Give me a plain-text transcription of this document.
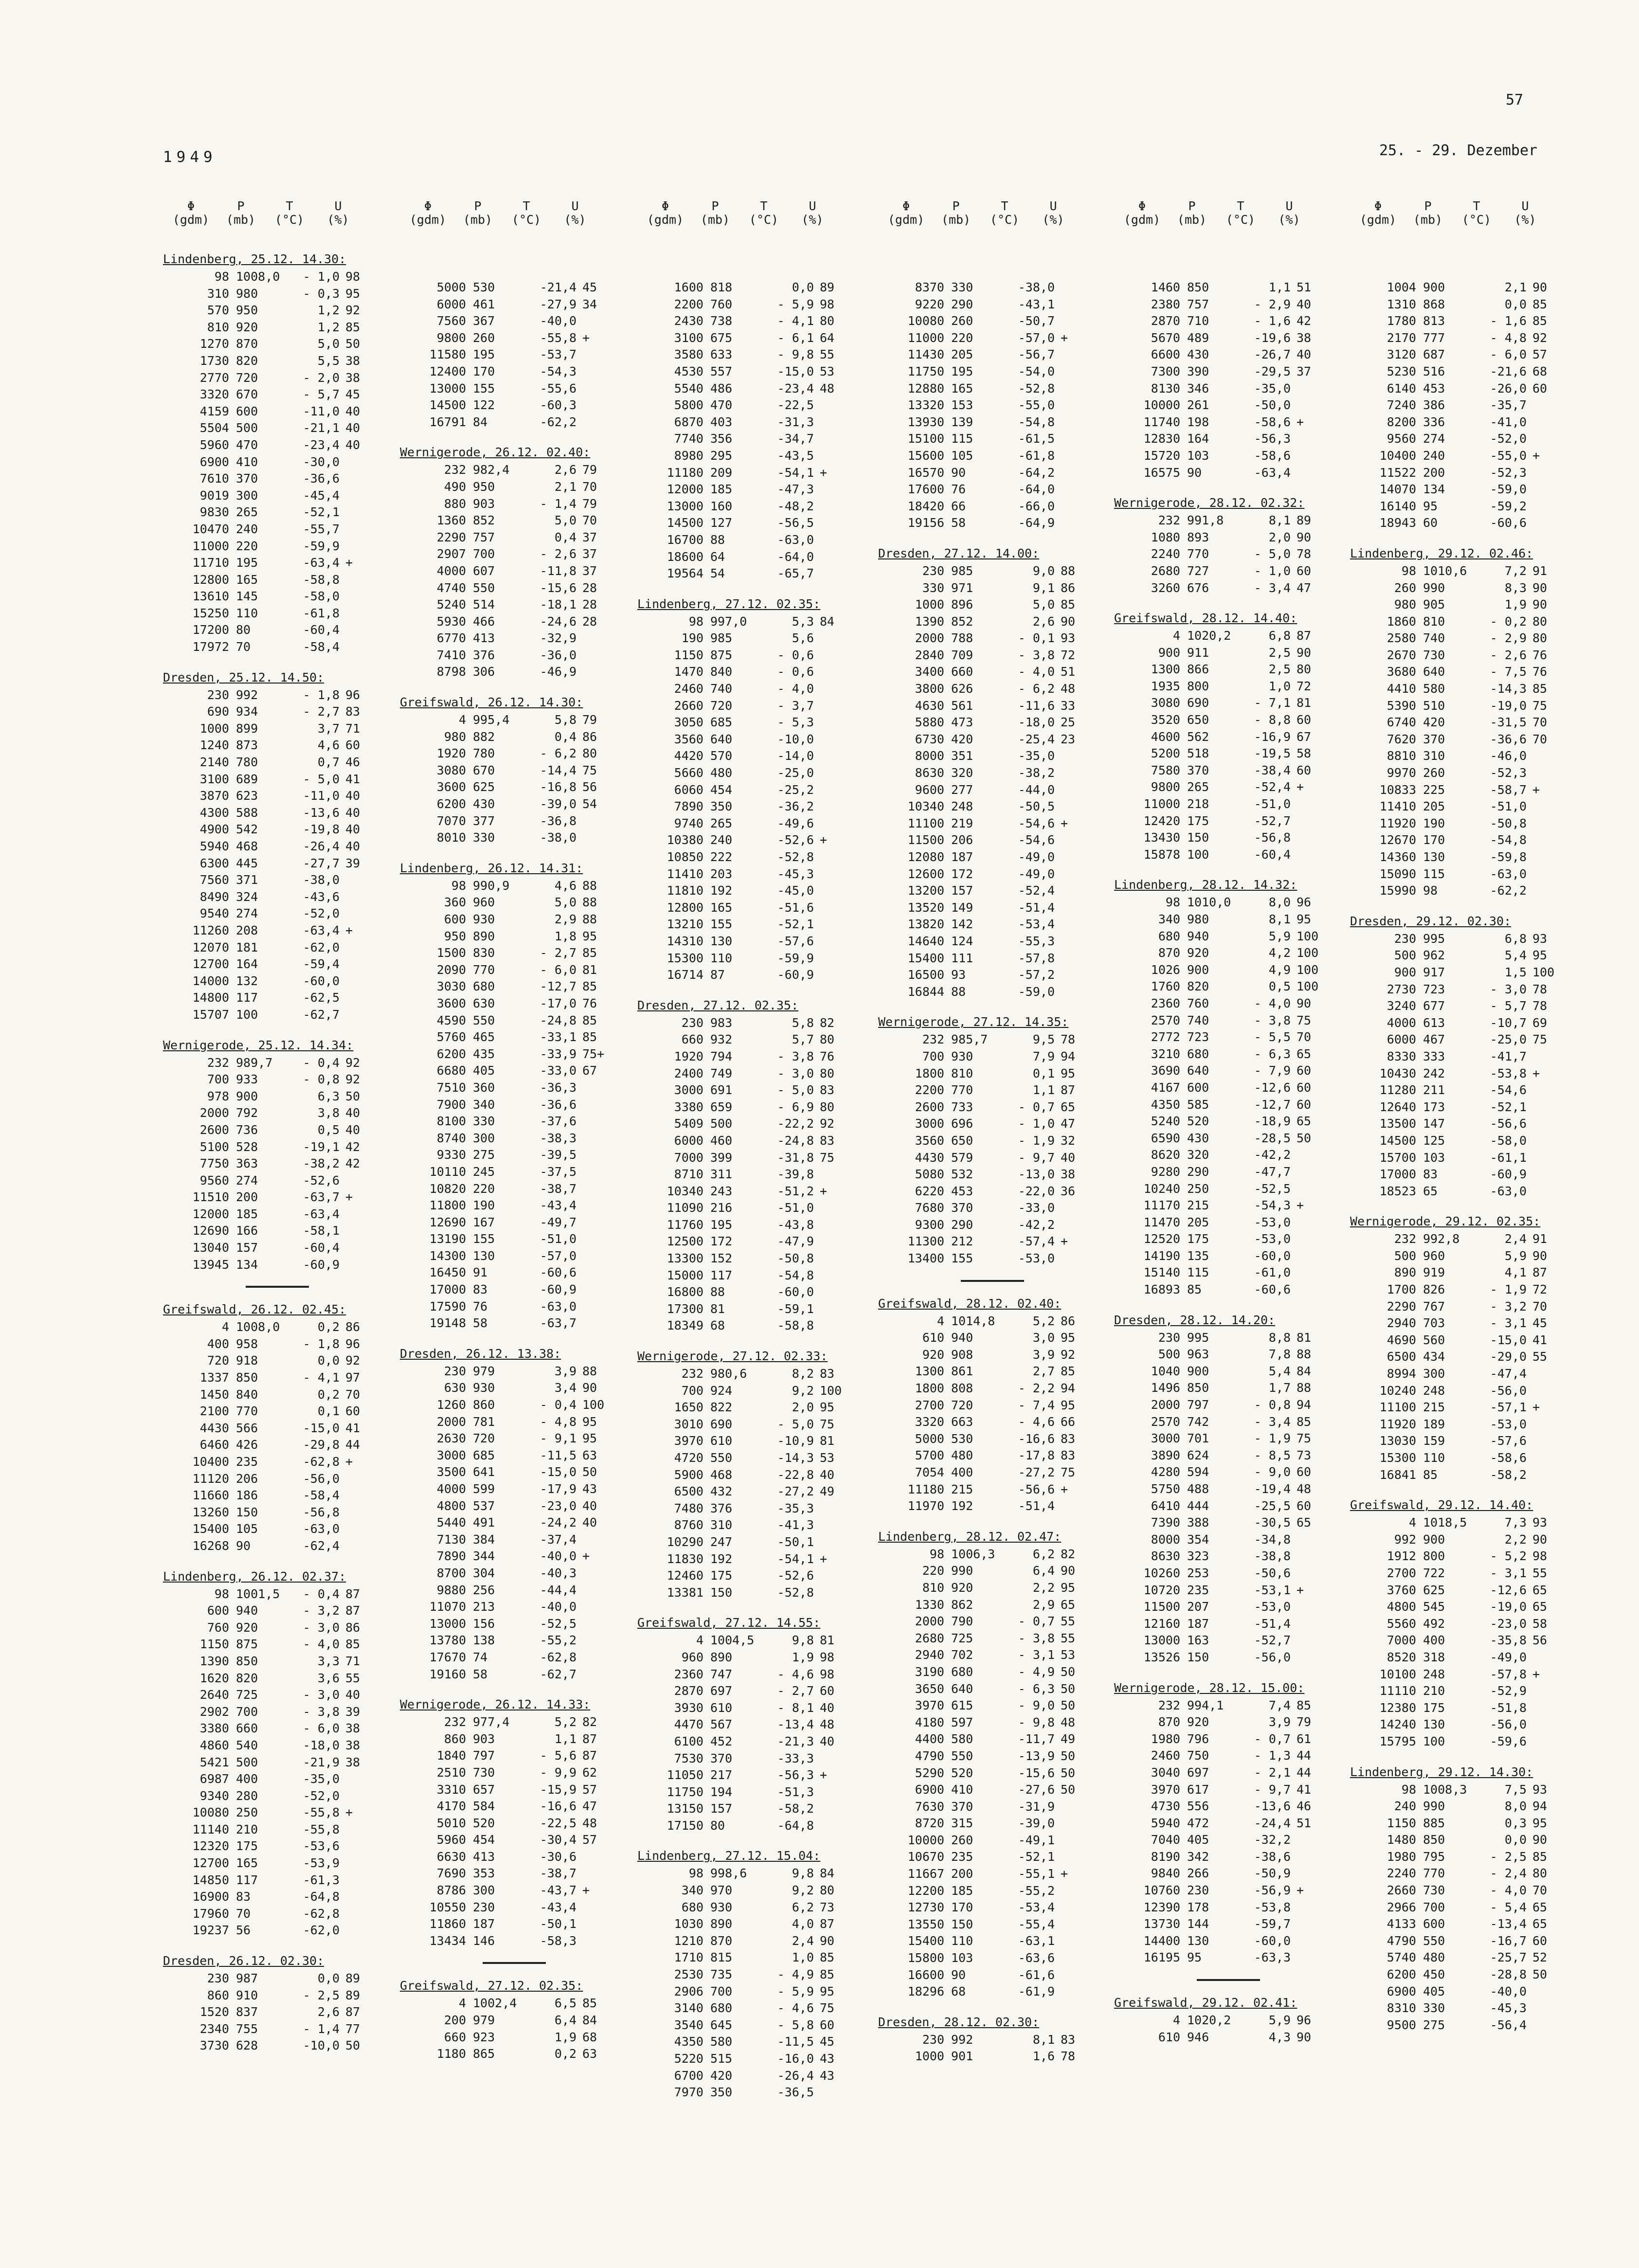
57
1949	25. - 29. Dezember
Φ
(gdm)
P
(mb)
T
(°C)
U
(%)
Lindenberg, 25.12. 14.30:
98 1008,0	- 1,0 98
310 980	- 0,3 95
570 950	1,2 92
810 920	1,2 85
1270 870	5,0 50
1730 820	5,5 38
2770 720	- 2,0 38
3320 670	- 5,7 45
4159 600	-11,0 40
5504 500	-21,1 40
5960 470	-23,4 40
6900 410	-30,0
7610 370	-36,6
9019 300	-45,4
9830 265	-52,1
10470 240	-55,7
11000 220	-59,9
11710 195	-63,4 +
12800 165	-58,8
13610 145	-58,0
15250 110	-61,8
17200 80	-60,4
17972 70	-58,4
Dresden, 25.12. 14.50:
230 992	- 1,8 96
690 934	- 2,7 83
1000 899	3,7 71
1240 873	4,6 60
2140 780	0,7 46
3100 689	- 5,0 41
3870 623	-11,0 40
4300 588	-13,6 40
4900 542	-19,8 40
5940 468	-26,4 40
6300 445	-27,7 39
7560 371	-38,0
8490 324	-43,6
9540 274	-52,0
11260 208	-63,4 +
12070 181	-62,0
12700 164	-59,4
14000 132	-60,0
14800 117	-62,5
15707 100	-62,7
Wernigerode, 25.12. 14.34:
232 989,7	- 0,4 92
700 933	- 0,8 92
978 900	6,3 50
2000 792	3,8 40
2600 736	0,5 40
5100 528	-19,1 42
7750 363	-38,2 42
9560 274	-52,6
11510 200	-63,7 +
12000 185	-63,4
12690 166	-58,1
13040 157	-60,4
13945 134	-60,9
Greifswald, 26.12. 02.45:
4 1008,0	0,2 86
400 958	- 1,8 96
720 918	0,0 92
1337 850	- 4,1 97
1450 840	0,2 70
2100 770	0,1 60
4430 566	-15,0 41
6460 426	-29,8 44
10400 235	-62,8 +
11120 206	-56,0
11660 186	-58,4
13260 150	-56,8
15400 105	-63,0
16268 90	-62,4
Lindenberg, 26.12. 02.37:
98 1001,5	- 0,4 87
600 940	- 3,2 87
760 920	- 3,0 86
1150 875	- 4,0 85
1390 850	3,3 71
1620 820	3,6 55
2640 725	- 3,0 40
2902 700	- 3,8 39
3380 660	- 6,0 38
4860 540	-18,0 38
5421 500	-21,9 38
6987 400	-35,0
9340 280	-52,0
10080 250	-55,8 +
11140 210	-55,8
12320 175	-53,6
12700 165	-53,9
14850 117	-61,3
16900 83	-64,8
17960 70	-62,8
19237 56	-62,0
Dresden, 26.12. 02.30:
230 987	0,0 89
860 910	- 2,5 89
1520 837	2,6 87
2340 755	- 1,4 77
3730 628	-10,0 50
Φ
(gdm)
P
(mb)
T
(°C)
U
(%)
5000 530	-21,4 45
6000 461	-27,9 34
7560 367	-40,0
9800 260	-55,8 +
11580 195	-53,7
12400 170	-54,3
13000 155	-55,6
14500 122	-60,3
16791 84	-62,2
Wernigerode, 26.12. 02.40:
232 982,4	2,6 79
490 950	2,1 70
880 903	- 1,4 79
1360 852	5,0 70
2290 757	0,4 37
2907 700	- 2,6 37
4000 607	-11,8 37
4740 550	-15,6 28
5240 514	-18,1 28
5930 466	-24,6 28
6770 413	-32,9
7410 376	-36,0
8798 306	-46,9
Greifswald, 26.12. 14.30:
4 995,4	5,8 79
980 882	0,4 86
1920 780	- 6,2 80
3080 670	-14,4 75
3600 625	-16,8 56
6200 430	-39,0 54
7070 377	-36,8
8010 330	-38,0
Lindenberg, 26.12. 14.31:
98 990,9	4,6 88
360 960	5,0 88
600 930	2,9 88
950 890	1,8 95
1500 830	- 2,7 85
2090 770	- 6,0 81
3030 680	-12,7 85
3600 630	-17,0 76
4590 550	-24,8 85
5760 465	-33,1 85
6200 435	-33,9 75+
6680 405	-33,0 67
7510 360	-36,3
7900 340	-36,6
8100 330	-37,6
8740 300	-38,3
9330 275	-39,5
10110 245	-37,5
10820 220	-38,7
11800 190	-43,4
12690 167	-49,7
13190 155	-51,0
14300 130	-57,0
16450 91	-60,6
17000 83	-60,9
17590 76	-63,0
19148 58	-63,7
Dresden, 26.12. 13.38:
230 979	3,9 88
630 930	3,4 90
1260 860	- 0,4 100
2000 781	- 4,8 95
2630 720	- 9,1 95
3000 685	-11,5 63
3500 641	-15,0 50
4000 599	-17,9 43
4800 537	-23,0 40
5440 491	-24,2 40
7130 384	-37,4
7890 344	-40,0 +
8700 304	-40,3
9880 256	-44,4
11070 213	-40,0
13000 156	-52,5
13780 138	-55,2
17670 74	-62,8
19160 58	-62,7
Wernigerode, 26.12. 14.33:
232 977,4	5,2 82
860 903	1,1 87
1840 797	- 5,6 87
2510 730	- 9,9 62
3310 657	-15,9 57
4170 584	-16,6 47
5010 520	-22,5 48
5960 454	-30,4 57
6630 413	-30,6
7690 353	-38,7
8786 300	-43,7 +
10550 230	-43,4
11860 187	-50,1
13434 146	-58,3
Greifswald, 27.12. 02.35:
4 1002,4	6,5 85
200 979	6,4 84
660 923	1,9 68
1180 865	0,2 63
Φ
(gdm)
P
(mb)
T
(°C)
U
(%)
1600 818	0,0 89
2200 760	- 5,9 98
2430 738	- 4,1 80
3100 675	- 6,1 64
3580 633	- 9,8 55
4530 557	-15,0 53
5540 486	-23,4 48
5800 470	-22,5
6870 403	-31,3
7740 356	-34,7
8980 295	-43,5
11180 209	-54,1 +
12000 185	-47,3
13000 160	-48,2
14500 127	-56,5
16700 88	-63,0
18600 64	-64,0
19564 54	-65,7
Lindenberg, 27.12. 02.35:
98 997,0	5,3 84
190 985	5,6
1150 875	- 0,6
1470 840	- 0,6
2460 740	- 4,0
2660 720	- 3,7
3050 685	- 5,3
3560 640	-10,0
4420 570	-14,0
5660 480	-25,0
6060 454	-25,2
7890 350	-36,2
9740 265	-49,6
10380 240	-52,6 +
10850 222	-52,8
11410 203	-45,3
11810 192	-45,0
12800 165	-51,6
13210 155	-52,1
14310 130	-57,6
15300 110	-59,9
16714 87	-60,9
Dresden, 27.12. 02.35:
230 983	5,8 82
660 932	5,7 80
1920 794	- 3,8 76
2400 749	- 3,0 80
3000 691	- 5,0 83
3380 659	- 6,9 80
5409 500	-22,2 92
6000 460	-24,8 83
7000 399	-31,8 75
8710 311	-39,8
10340 243	-51,2 +
11090 216	-51,0
11760 195	-43,8
12500 172	-47,9
13300 152	-50,8
15000 117	-54,8
16800 88	-60,0
17300 81	-59,1
18349 68	-58,8
Wernigerode, 27.12. 02.33:
232 980,6	8,2 83
700 924	9,2 100
1650 822	2,0 95
3010 690	- 5,0 75
3970 610	-10,9 81
4720 550	-14,3 53
5900 468	-22,8 40
6500 432	-27,2 49
7480 376	-35,3
8760 310	-41,3
10290 247	-50,1
11830 192	-54,1 +
12460 175	-52,6
13381 150	-52,8
Greifswald, 27.12. 14.55:
4 1004,5	9,8 81
960 890	1,9 98
2360 747	- 4,6 98
2870 697	- 2,7 60
3930 610	- 8,1 40
4470 567	-13,4 48
6100 452	-21,3 40
7530 370	-33,3
11050 217	-56,3 +
11750 194	-51,3
13150 157	-58,2
17150 80	-64,8
Lindenberg, 27.12. 15.04:
98 998,6	9,8 84
340 970	9,2 80
680 930	6,2 73
1030 890	4,0 87
1210 870	2,4 90
1710 815	1,0 85
2530 735	- 4,9 85
2906 700	- 5,9 95
3140 680	- 4,6 75
3540 645	- 5,8 60
4350 580	-11,5 45
5220 515	-16,0 43
6700 420	-26,4 43
7970 350	-36,5
Φ
(gdm)
P
(mb)
T
(°C)
U
(%)
8370 330	-38,0
9220 290	-43,1
10080 260	-50,7
11000 220	-57,0 +
11430 205	-56,7
11750 195	-54,0
12880 165	-52,8
13320 153	-55,0
13930 139	-54,8
15100 115	-61,5
15600 105	-61,8
16570 90	-64,2
17600 76	-64,0
18420 66	-66,0
19156 58	-64,9
Dresden, 27.12. 14.00:
230 985	9,0 88
330 971	9,1 86
1000 896	5,0 85
1390 852	2,6 90
2000 788	- 0,1 93
2840 709	- 3,8 72
3400 660	- 4,0 51
3800 626	- 6,2 48
4630 561	-11,6 33
5880 473	-18,0 25
6730 420	-25,4 23
8000 351	-35,0
8630 320	-38,2
9600 277	-44,0
10340 248	-50,5
11100 219	-54,6 +
11500 206	-54,6
12080 187	-49,0
12600 172	-49,0
13200 157	-52,4
13520 149	-51,4
13820 142	-53,4
14640 124	-55,3
15400 111	-57,8
16500 93	-57,2
16844 88	-59,0
Wernigerode, 27.12. 14.35:
232 985,7	9,5 78
700 930	7,9 94
1800 810	0,1 95
2200 770	1,1 87
2600 733	- 0,7 65
3000 696	- 1,0 47
3560 650	- 1,9 32
4430 579	- 9,7 40
5080 532	-13,0 38
6220 453	-22,0 36
7680 370	-33,0
9300 290	-42,2
11300 212	-57,4 +
13400 155	-53,0
Greifswald, 28.12. 02.40:
4 1014,8	5,2 86
610 940	3,0 95
920 908	3,9 92
1300 861	2,7 85
1800 808	- 2,2 94
2700 720	- 7,4 95
3320 663	- 4,6 66
5000 530	-16,6 83
5700 480	-17,8 83
7054 400	-27,2 75
11180 215	-56,6 +
11970 192	-51,4
Lindenberg, 28.12. 02.47:
98 1006,3	6,2 82
220 990	6,4 90
810 920	2,2 95
1330 862	2,9 65
2000 790	- 0,7 55
2680 725	- 3,8 55
2940 702	- 3,1 53
3190 680	- 4,9 50
3650 640	- 6,3 50
3970 615	- 9,0 50
4180 597	- 9,8 48
4400 580	-11,7 49
4790 550	-13,9 50
5290 520	-15,6 50
6900 410	-27,6 50
7630 370	-31,9
8720 315	-39,0
10000 260	-49,1
10670 235	-52,1
11667 200	-55,1 +
12200 185	-55,2
12730 170	-53,4
13550 150	-55,4
15400 110	-63,1
15800 103	-63,6
16600 90	-61,6
18296 68	-61,9
Dresden, 28.12. 02.30:
230 992	8,1 83
1000 901	1,6 78
Φ
(gdm)
P
(mb)
T
(°C)
U
(%)
1460 850	1,1 51
2380 757	- 2,9 40
2870 710	- 1,6 42
5670 489	-19,6 38
6600 430	-26,7 40
7300 390	-29,5 37
8130 346	-35,0
10000 261	-50,0
11740 198	-58,6 +
12830 164	-56,3
15720 103	-58,6
16575 90	-63,4
Wernigerode, 28.12. 02.32:
232 991,8	8,1 89
1080 893	2,0 90
2240 770	- 5,0 78
2680 727	- 1,0 60
3260 676	- 3,4 47
Greifswald, 28.12. 14.40:
4 1020,2	6,8 87
900 911	2,5 90
1300 866	2,5 80
1935 800	1,0 72
3080 690	- 7,1 81
3520 650	- 8,8 60
4600 562	-16,9 67
5200 518	-19,5 58
7580 370	-38,4 60
9800 265	-52,4 +
11000 218	-51,0
12420 175	-52,7
13430 150	-56,8
15878 100	-60,4
Lindenberg, 28.12. 14.32:
98 1010,0	8,0 96
340 980	8,1 95
680 940	5,9 100
870 920	4,2 100
1026 900	4,9 100
1760 820	0,5 100
2360 760	- 4,0 90
2570 740	- 3,8 75
2772 723	- 5,5 70
3210 680	- 6,3 65
3690 640	- 7,9 60
4167 600	-12,6 60
4350 585	-12,7 60
5240 520	-18,9 65
6590 430	-28,5 50
8620 320	-42,2
9280 290	-47,7
10240 250	-52,5
11170 215	-54,3 +
11470 205	-53,0
12520 175	-53,0
14190 135	-60,0
15140 115	-61,0
16893 85	-60,6
Dresden, 28.12. 14.20:
230 995	8,8 81
500 963	7,8 88
1040 900	5,4 84
1496 850	1,7 88
2000 797	- 0,8 94
2570 742	- 3,4 85
3000 701	- 1,9 75
3890 624	- 8,5 73
4280 594	- 9,0 60
5750 488	-19,4 48
6410 444	-25,5 60
7390 388	-30,5 65
8000 354	-34,8
8630 323	-38,8
10260 253	-50,6
10720 235	-53,1 +
11500 207	-53,0
12160 187	-51,4
13000 163	-52,7
13526 150	-56,0
Wernigerode, 28.12. 15.00:
232 994,1	7,4 85
870 920	3,9 79
1980 796	- 0,7 61
2460 750	- 1,3 44
3040 697	- 2,1 44
3970 617	- 9,7 41
4730 556	-13,6 46
5940 472	-24,4 51
7040 405	-32,2
8190 342	-38,6
9840 266	-50,9
10760 230	-56,9 +
12390 178	-53,8
13730 144	-59,7
14400 130	-60,0
16195 95	-63,3
Greifswald, 29.12. 02.41:
4 1020,2	5,9 96
610 946	4,3 90
Φ
(gdm)
P
(mb)
T
(°C)
U
(%)
1004 900	2,1 90
1310 868	0,0 85
1780 813	- 1,6 85
2170 777	- 4,8 92
3120 687	- 6,0 57
5230 516	-21,6 68
6140 453	-26,0 60
7240 386	-35,7
8200 336	-41,0
9560 274	-52,0
10400 240	-55,0 +
11522 200	-52,3
14070 134	-59,0
16140 95	-59,2
18943 60	-60,6
Lindenberg, 29.12. 02.46:
98 1010,6	7,2 91
260 990	8,3 90
980 905	1,9 90
1860 810	- 0,2 80
2580 740	- 2,9 80
2670 730	- 2,6 76
3680 640	- 7,5 76
4410 580	-14,3 85
5390 510	-19,0 75
6740 420	-31,5 70
7620 370	-36,6 70
8810 310	-46,0
9970 260	-52,3
10833 225	-58,7 +
11410 205	-51,0
11920 190	-50,8
12670 170	-54,8
14360 130	-59,8
15090 115	-63,0
15990 98	-62,2
Dresden, 29.12. 02.30:
230 995	6,8 93
500 962	5,4 95
900 917	1,5 100
2730 723	- 3,0 78
3240 677	- 5,7 78
4000 613	-10,7 69
6000 467	-25,0 75
8330 333	-41,7
10430 242	-53,8 +
11280 211	-54,6
12640 173	-52,1
13500 147	-56,6
14500 125	-58,0
15700 103	-61,1
17000 83	-60,9
18523 65	-63,0
Wernigerode, 29.12. 02.35:
232 992,8	2,4 91
500 960	5,9 90
890 919	4,1 87
1700 826	- 1,9 72
2290 767	- 3,2 70
2940 703	- 3,1 45
4690 560	-15,0 41
6500 434	-29,0 55
8994 300	-47,4
10240 248	-56,0
11100 215	-57,1 +
11920 189	-53,0
13030 159	-57,6
15300 110	-58,6
16841 85	-58,2
Greifswald, 29.12. 14.40:
4 1018,5	7,3 93
992 900	2,2 90
1912 800	- 5,2 98
2700 722	- 3,1 55
3760 625	-12,6 65
4800 545	-19,0 65
5560 492	-23,0 58
7000 400	-35,8 56
8520 318	-49,0
10100 248	-57,8 +
11110 210	-52,9
12380 175	-51,8
14240 130	-56,0
15795 100	-59,6
Lindenberg, 29.12. 14.30:
98 1008,3	7,5 93
240 990	8,0 94
1150 885	0,3 95
1480 850	0,0 90
1980 795	- 2,5 85
2240 770	- 2,4 80
2660 730	- 4,0 70
2966 700	- 5,4 65
4133 600	-13,4 65
4790 550	-16,7 60
5740 480	-25,7 52
6200 450	-28,8 50
6900 405	-40,0
8310 330	-45,3
9500 275	-56,4
